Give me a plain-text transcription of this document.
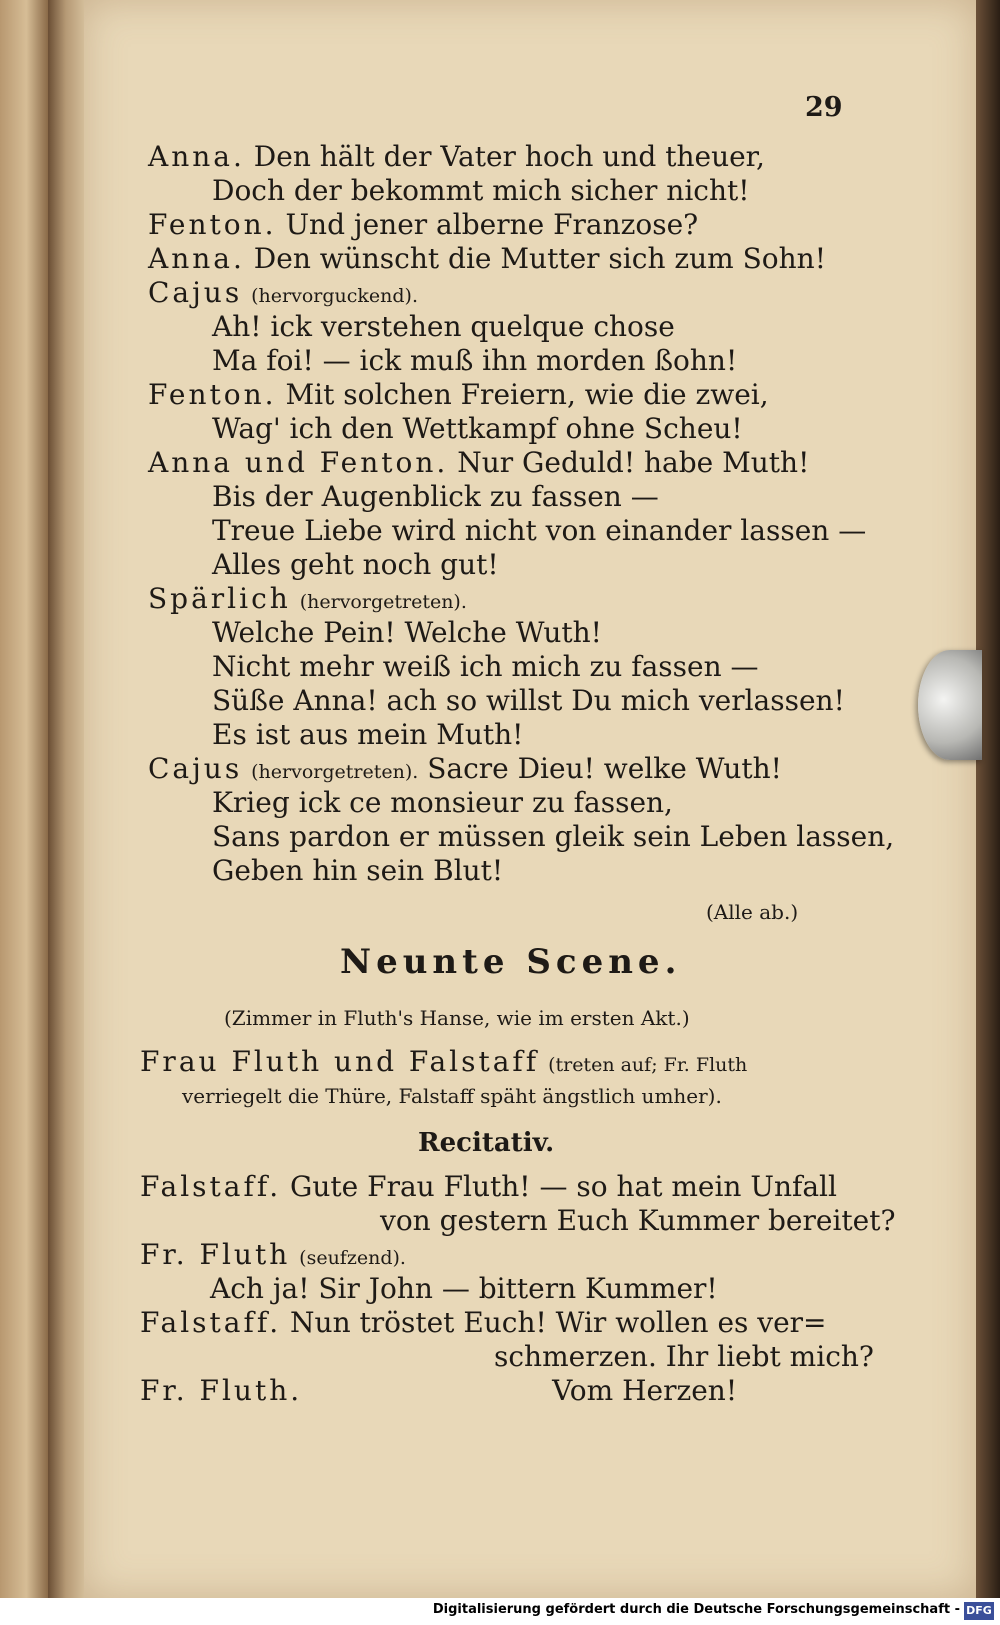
29
Anna. Den hält der Vater hoch und theuer,
Doch der bekommt mich sicher nicht!
Fenton. Und jener alberne Franzose?
Anna. Den wünscht die Mutter sich zum Sohn!
Cajus (hervorguckend).
Ah! ick verstehen quelque chose
Ma foi! — ick muß ihn morden ßohn!
Fenton. Mit solchen Freiern, wie die zwei,
Wag' ich den Wettkampf ohne Scheu!
Anna und Fenton. Nur Geduld! habe Muth!
Bis der Augenblick zu fassen —
Treue Liebe wird nicht von einander lassen —
Alles geht noch gut!
Spärlich (hervorgetreten).
Welche Pein! Welche Wuth!
Nicht mehr weiß ich mich zu fassen —
Süße Anna! ach so willst Du mich verlassen!
Es ist aus mein Muth!
Cajus (hervorgetreten). Sacre Dieu! welke Wuth!
Krieg ick ce monsieur zu fassen,
Sans pardon er müssen gleik sein Leben lassen,
Geben hin sein Blut!
(Alle ab.)
Neunte Scene.
(Zimmer in Fluth's Hanse, wie im ersten Akt.)
Frau Fluth und Falstaff (treten auf; Fr. Fluth
verriegelt die Thüre, Falstaff späht ängstlich umher).
Recitativ.
Falstaff. Gute Frau Fluth! — so hat mein Unfall
von gestern Euch Kummer bereitet?
Fr. Fluth (seufzend).
Ach ja! Sir John — bittern Kummer!
Falstaff. Nun tröstet Euch! Wir wollen es ver=
schmerzen. Ihr liebt mich?
Fr. Fluth.	Vom Herzen!
Digitalisierung gefördert durch die Deutsche Forschungsgemeinschaft - DFG
